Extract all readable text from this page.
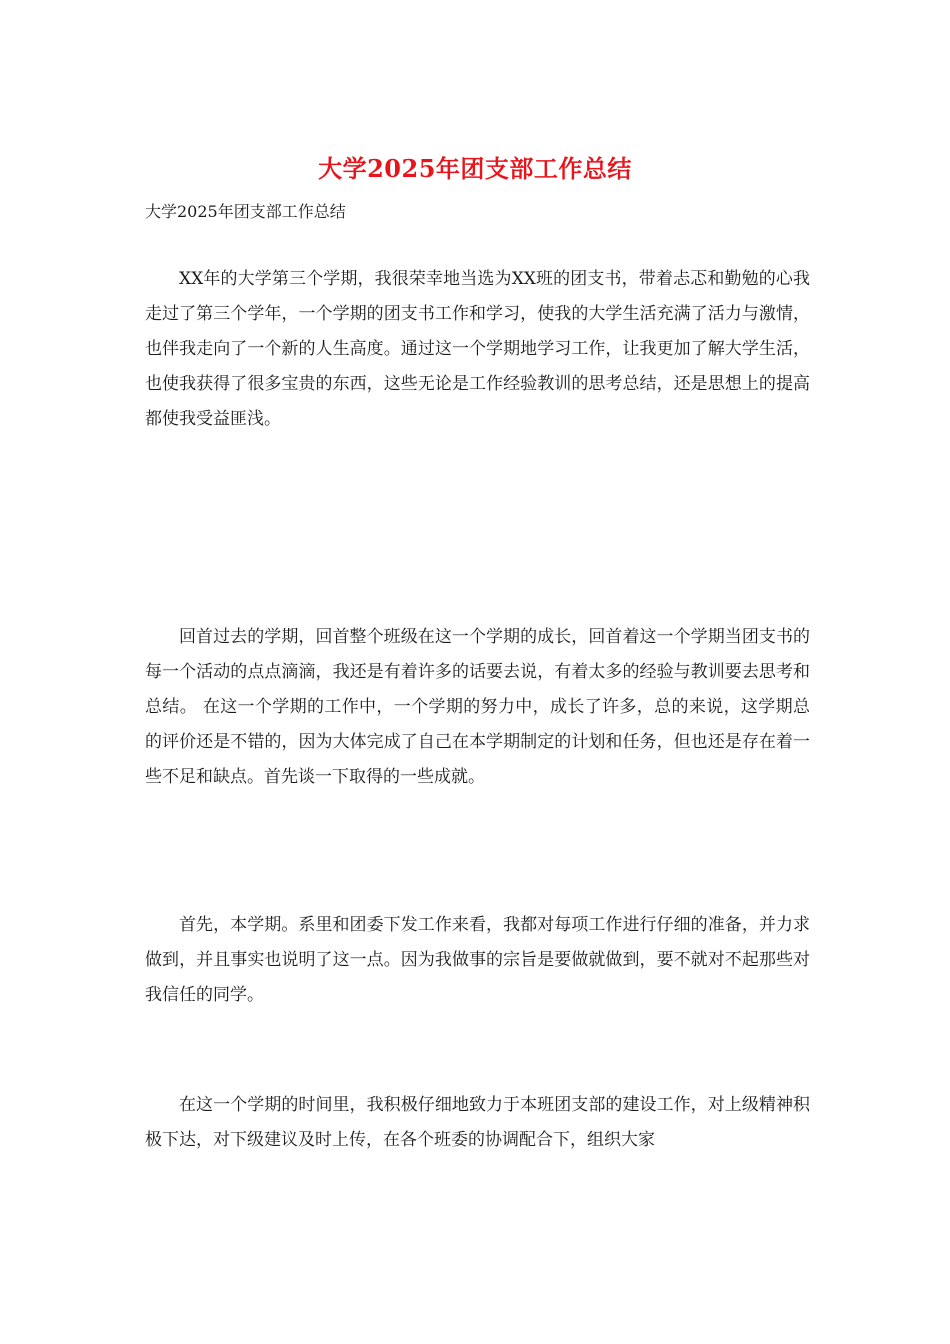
大学2025年团支部工作总结
大学2025年团支部工作总结

XX年的大学第三个学期，我很荣幸地当选为XX班的团支书，带着忐忑和勤勉的心我走过了第三个学年，一个学期的团支书工作和学习，使我的大学生活充满了活力与激情，也伴我走向了一个新的人生高度。通过这一个学期地学习工作，让我更加了解大学生活，也使我获得了很多宝贵的东西，这些无论是工作经验教训的思考总结，还是思想上的提高都使我受益匪浅。

回首过去的学期，回首整个班级在这一个学期的成长，回首着这一个学期当团支书的每一个活动的点点滴滴，我还是有着许多的话要去说，有着太多的经验与教训要去思考和总结。 在这一个学期的工作中，一个学期的努力中，成长了许多，总的来说，这学期总的评价还是不错的，因为大体完成了自己在本学期制定的计划和任务，但也还是存在着一些不足和缺点。首先谈一下取得的一些成就。

首先，本学期。系里和团委下发工作来看，我都对每项工作进行仔细的准备，并力求做到，并且事实也说明了这一点。因为我做事的宗旨是要做就做到，要不就对不起那些对我信任的同学。

在这一个学期的时间里，我积极仔细地致力于本班团支部的建设工作，对上级精神积极下达，对下级建议及时上传，在各个班委的协调配合下，组织大家
